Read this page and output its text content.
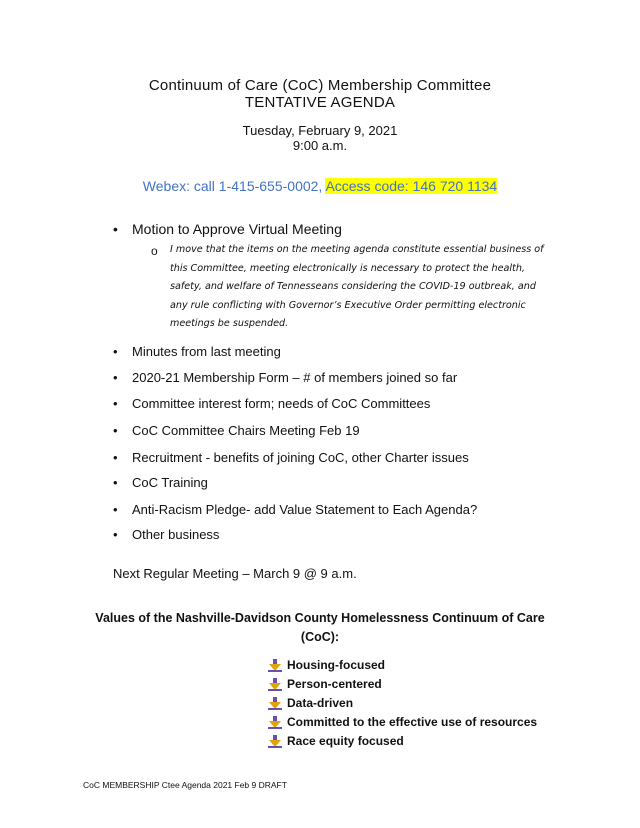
Continuum of Care (CoC) Membership Committee
TENTATIVE AGENDA
Tuesday, February 9, 2021
9:00 a.m.
Webex: call 1-415-655-0002, Access code: 146 720 1134
• Motion to Approve Virtual Meeting
o I move that the items on the meeting agenda constitute essential business of
this Committee, meeting electronically is necessary to protect the health,
safety, and welfare of Tennesseans considering the COVID-19 outbreak, and
any rule conflicting with Governor’s Executive Order permitting electronic
meetings be suspended.
• Minutes from last meeting
• 2020-21 Membership Form – # of members joined so far
• Committee interest form; needs of CoC Committees
• CoC Committee Chairs Meeting Feb 19
• Recruitment - benefits of joining CoC, other Charter issues
• CoC Training
• Anti-Racism Pledge- add Value Statement to Each Agenda?
• Other business
Next Regular Meeting – March 9 @ 9 a.m.
Values of the Nashville-Davidson County Homelessness Continuum of Care
(CoC):
Housing-focused
Person-centered
Data-driven
Committed to the effective use of resources
Race equity focused
CoC MEMBERSHIP Ctee Agenda 2021 Feb 9 DRAFT
